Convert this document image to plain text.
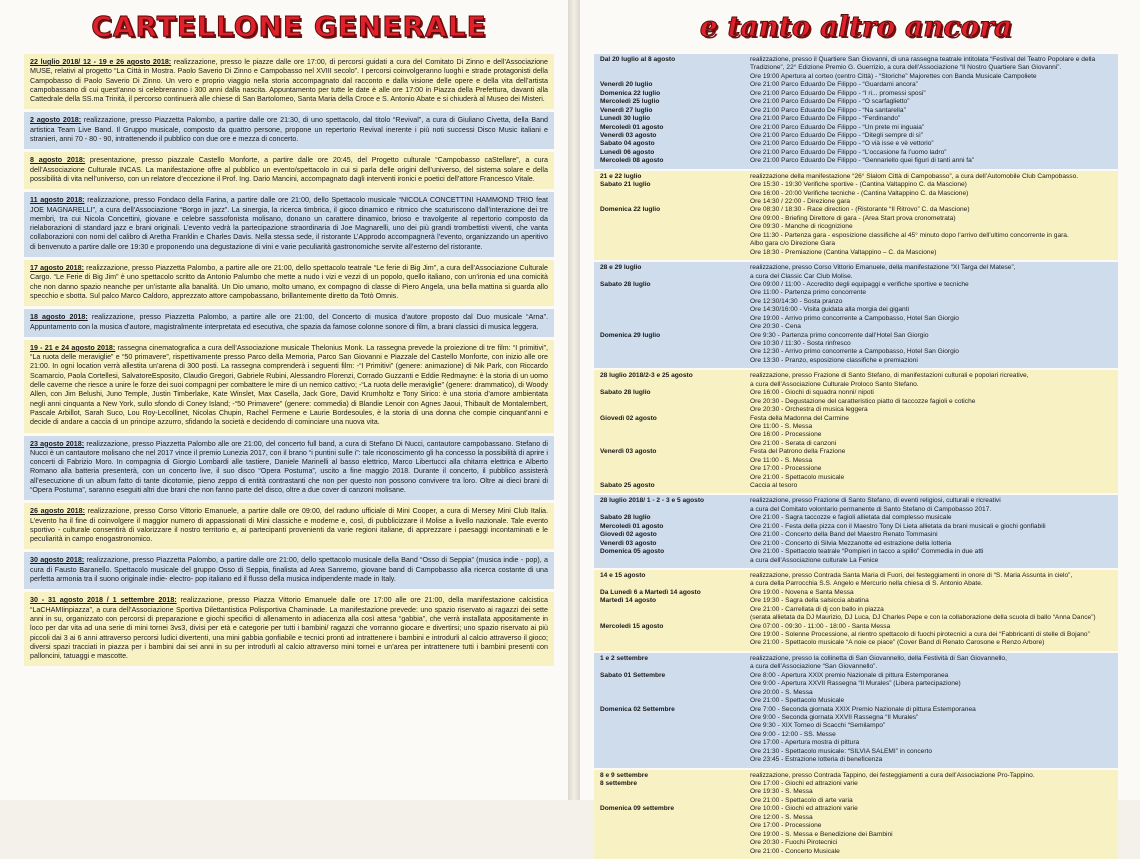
CARTELLONE GENERALE
22 luglio 2018/ 12 - 19 e 26 agosto 2018: realizzazione, presso le piazze dalle ore 17:00, di percorsi guidati a cura del Comitato Di Zinno e dell’Associazione MUSE, relativi al progetto “La Città in Mostra. Paolo Saverio Di Zinno e Campobasso nel XVIII secolo”. I percorsi coinvolgeranno luoghi e strade protagonisti della Campobasso di Paolo Saverio Di Zinno. Un vero e proprio viaggio nella storia accompagnato dal racconto e dalla visione delle opere e della vita dell’artista campobassano di cui quest’anno si celebreranno i 300 anni dalla nascita. Appuntamento per tutte le date è alle ore 17:00 in Piazza della Prefettura, davanti alla Cattedrale della SS.ma Trinità, il percorso continuerà alle chiese di San Bartolomeo, Santa Maria della Croce e S. Antonio Abate e si chiuderà al Museo dei Misteri.
2 agosto 2018: realizzazione, presso Piazzetta Palombo, a partire dalle ore 21:30, di uno spettacolo, dal titolo “Revival”, a cura di Giuliano Civetta, della Band artistica Team Live Band. Il Gruppo musicale, composto da quattro persone, propone un repertorio Revival inerente i più noti successi Disco Music italiani e stranieri, anni 70 - 80 - 90, intrattenendo il pubblico con due ore e mezza di concerto.
8 agosto 2018: presentazione, presso piazzale Castello Monforte, a partire dalle ore 20:45, del Progetto culturale “Campobasso caStellare”, a cura dell’Associazione Culturale INCAS. La manifestazione offre al pubblico un evento/spettacolo in cui si parla delle origini dell’universo, del sistema solare e della possibilità di vita nell’universo, con un relatore d’eccezione il Prof. Ing. Dario Mancini, accompagnato dagli interventi ironici e poetici dell’attore Francesco Vitale.
11 agosto 2018: realizzazione, presso Fondaco della Farina, a partire dalle ore 21:00, dello Spettacolo musicale “NICOLA CONCETTINI HAMMOND TRIO feat JOE MAGNARELLI”, a cura dell’Associazione “Borgo in jazz”. La sinergia, la ricerca timbrica, il gioco dinamico e ritmico che scaturiscono dall’interazione dei tre membri, tra cui Nicola Concettini, giovane e celebre sassofonista molisano, donano un carattere dinamico, brioso e travolgente al repertorio composto da rielaborazioni di standard jazz e brani originali. L’evento vedrà la partecipazione straordinaria di Joe Magnarelli, uno dei più grandi trombettisti viventi, che vanta collaborazioni con nomi del calibro di Aretha Franklin e Charles Davis. Nella stessa sede, il ristorante L’Approdo accompagnerà l’evento, organizzando un aperitivo di benvenuto a partire dalle ore 19:30 e proponendo una degustazione di vini e varie peculiarità gastronomiche servite all’esterno del ristorante.
17 agosto 2018: realizzazione, presso Piazzetta Palombo, a partire alle ore 21:00, dello spettacolo teatrale “Le ferie di Big Jim”, a cura dell’Associazione Culturale Cargo. “Le Ferie di Big Jim” è uno spettacolo scritto da Antonio Palumbo che mette a nudo i vizi e vezzi di un popolo, quello italiano, con un’ironia ed una comicità che non danno spazio neanche per un’istante alla banalità. Un Dio umano, molto umano, ex compagno di classe di Piero Angela, una bella mattina si guarda allo specchio e sbotta. Sul palco Marco Caldoro, apprezzato attore campobassano, brillantemente diretto da Totò Omnis.
18 agosto 2018: realizzazione, presso Piazzetta Palombo, a partire alle ore 21:00, del Concerto di musica d’autore proposto dal Duo musicale “Arna”. Appuntamento con la musica d’autore, magistralmente interpretata ed esecutiva, che spazia da famose colonne sonore di film, a brani classici di musica leggera.
19 - 21 e 24 agosto 2018: rassegna cinematografica a cura dell’Associazione musicale Thelonius Monk. La rassegna prevede la proiezione di tre film: “I primitivi”, “La ruota delle meraviglie” e “50 primavere”, rispettivamente presso Parco della Memoria, Parco San Giovanni e Piazzale del Castello Monforte, con inizio alle ore 21:00. In ogni location verrà allestita un’arena di 300 posti. La rassegna comprenderà i seguenti film: -“I Primitivi” (genere: animazione) di Nik Park, con Riccardo Scamarcio, Paola Cortellesi, SalvatoreEsposito, Claudio Gregori, Gabriele Rubini, Alessandro Florenzi, Corrado Guzzanti e Eddie Redmayne: è la storia di un uomo delle caverne che riesce a unire le forze dei suoi compagni per combattere le mire di un nemico cattivo; -“La ruota delle meraviglie” (genere: drammatico), di Woody Allen, con Jim Belushi, Juno Temple, Justin Timberlake, Kate Winslet, Max Casella, Jack Gore, David Krumholtz e Tony Sirico: è una storia d’amore ambientata negli anni cinquanta a New York, sullo sfondo di Coney Island; -“50 Primavere” (genere: commedia) di Blandie Lenoir con Agnes Jaoui, Thibault de Montalembert, Pascale Arbillot, Sarah Suco, Lou Roy-Lecollinet, Nicolas Chupin, Rachel Fermene e Laurie Bordesoules, è la storia di una donna che compie cinquant’anni e decide di andare a caccia di un principe azzurro, sfidando la società e decidendo di cominciare una nuova vita.
23 agosto 2018: realizzazione, presso Piazzetta Palombo alle ore 21:00, del concerto full band, a cura di Stefano Di Nucci, cantautore campobassano. Stefano di Nucci è un cantautore molisano che nel 2017 vince il premio Lunezia 2017, con il brano “i puntini sulle i”: tale riconoscimento gli ha concesso la possibilità di aprire i concerti di Fabrizio Moro. In compagnia di Giorgio Lombardi alle tastiere, Daniele Marinelli al basso elettrico, Marco Libertucci alla chitarra elettrica e Alberto Romano alla batteria presenterà, con un concerto live, il suo disco “Opera Postuma”, uscito a fine maggio 2018. Durante il concerto, il pubblico assisterà all’esecuzione di un album fatto di tante dicotomie, pieno zeppo di entità contrastanti che non per questo non possono convivere tra loro. Oltre ai dieci brani di “Opera Postuma”, saranno eseguiti altri due brani che non fanno parte del disco, oltre a due cover di canzoni molisane.
26 agosto 2018: realizzazione, presso Corso Vittorio Emanuele, a partire dalle ore 09:00, del raduno ufficiale di Mini Cooper, a cura di Mersey Mini Club Italia. L’evento ha il fine di coinvolgere il maggior numero di appassionati di Mini classiche e moderne e, così, di pubblicizzare il Molise a livello nazionale. Tale evento sportivo - culturale consentirà di valorizzare il nostro territorio e, ai partecipanti provenienti da varie regioni italiane, di apprezzare i paesaggi incontaminati e le peculiarità in campo enogastronomico.
30 agosto 2018: realizzazione, presso Piazzetta Palombo, a partire dalle ore 21:00, dello spettacolo musicale della Band “Osso di Seppia” (musica indie - pop), a cura di Fausto Baranello. Spettacolo musicale del gruppo Osso di Seppia, finalista ad Area Sanremo, giovane band di Campobasso alla ricerca costante di una perfetta armonia tra il suono originale indie- electro- pop italiano ed il flusso della musica indipendente made in Italy.
30 - 31 agosto 2018 / 1 settembre 2018: realizzazione, presso Piazza Vittorio Emanuele dalle ore 17:00 alle ore 21:00, della manifestazione calcistica “LaCHAMIinpiazza”, a cura dell’Associazione Sportiva Dilettantistica Polisportiva Chaminade. La manifestazione prevede: uno spazio riservato ai ragazzi dei sette anni in su, organizzato con percorsi di preparazione e giochi specifici di allenamento in adiacenza alla così attesa “gabbia”, che verrà installata appositamente in loco per dar vita ad una serie di mini tornei 3vs3, divisi per età e categorie per tutti i bambini/ ragazzi che vorranno giocare e divertirsi; uno spazio riservato ai più piccoli dai 3 ai 6 anni attraverso percorsi ludici divertenti, una mini gabbia gonfiabile e tecnici pronti ad intrattenere i bambini e introdurli al calcio attraverso il gioco; diversi spazi tracciati in piazza per i bambini dai sei anni in su per introdurli al calcio attraverso mini tornei e un’area per intrattenere tutti i bambini presenti con palloncini, tatuaggi e mascotte.
e tanto altro ancora
Dal 20 luglio al 8 agosto	realizzazione, presso il Quartiere San Giovanni, di una rassegna teatrale intitolata “Festival del Teatro Popolare e della
Tradizione”, 22° Edizione Premio G. Guerrizio, a cura dell’Associazione “Il Nostro Quartiere San Giovanni”.
Ore 19:00 Apertura al corteo (centro Città) - “Storiche” Majorettes con Banda Musicale Campoliete
Venerdì 20 luglio	Ore 21:00 Parco Eduardo De Filippo - “Guardami ancora”
Domenica 22 luglio	Ore 21:00 Parco Eduardo De Filippo - “I ri... promessi sposi”
Mercoledì 25 luglio	Ore 21:00 Parco Eduardo De Filippo - “O scarfaglietto”
Venerdì 27 luglio	Ore 21:00 Parco Eduardo De Filippo - “Na santarella”
Lunedì 30 luglio	Ore 21:00 Parco Eduardo De Filippo - “Ferdinando”
Mercoledì 01 agosto	Ore 21:00 Parco Eduardo De Filippo - “Un prete mi inguaia”
Venerdì 03 agosto	Ore 21:00 Parco Eduardo De Filippo - “Ditegli sempre di sì”
Sabato 04 agosto	Ore 21:00 Parco Eduardo De Filippo - “O vià isse e vè vettorio”
Lunedì 06 agosto	Ore 21:00 Parco Eduardo De Filippo - “L’occasione fa l’uomo ladro”
Mercoledì 08 agosto	Ore 21:00 Parco Eduardo De Filippo - “Gennariello quei figuri di tanti anni fa”
21 e 22 luglio	realizzazione della manifestazione “26° Slalom Città di Campobasso”, a cura dell’Automobile Club Campobasso.
Sabato 21 luglio	Ore 15:30 - 19:30 Verifiche sportive - (Cantina Valtappino C. da Mascione)
Ore 16:00 - 20:00 Verifiche tecniche - (Cantina Valtappino C. da Mascione)
Ore 14:30 / 22:00 - Direzione gara
Domenica 22 luglio	Ore 08:30 / 18:30 - Race direction - (Ristorante “Il Ritrovo” C. da Mascione)
Ore 09:00 - Briefing Direttore di gara - (Area Start prova cronometrata)
Ore 09:30 - Manche di ricognizione
Ore 11:30 - Partenza gara - esposizione classifiche al 45° minuto dopo l’arrivo dell’ultimo concorrente in gara.
Albo gara c/o Direzione Gara
Ore 18:30 - Premiazione (Cantina Valtappino – C. da Mascione)
28 e 29 luglio	realizzazione, presso Corso Vittorio Emanuele, della manifestazione “XI Targa del Matese”,
a cura del Classic Car Club Molise.
Sabato 28 luglio	Ore 09:00 / 11:00 - Accredito degli equipaggi e verifiche sportive e tecniche
Ore 11:00 - Partenza primo concorrente
Ore 12:30/14:30 - Sosta pranzo
Ore 14:30/16:00 - Visita guidata alla morgia dei giganti
Ore 19:00 - Arrivo primo concorrente a Campobasso, Hotel San Giorgio
Ore 20:30 - Cena
Domenica 29 luglio	Ore 9:30 - Partenza primo concorrente dall’Hotel San Giorgio
Ore 10:30 / 11:30 - Sosta rinfresco
Ore 12:30 - Arrivo primo concorrente a Campobasso, Hotel San Giorgio
Ore 13:30 - Pranzo, esposizione classifiche e premiazioni
28 luglio 2018/2-3 e 25 agosto	realizzazione, presso Frazione di Santo Stefano, di manifestazioni culturali e popolari ricreative,
a cura dell’Associazione Culturale Proloco Santo Stefano.
Sabato 28 luglio	Ore 16:00 - Giochi di squadra nonni/ nipoti
Ore 20:30 - Degustazione del caratteristico piatto di taccozze fagioli e cotiche
Ore 20:30 - Orchestra di musica leggera
Giovedì 02 agosto	Festa della Madonna del Carmine
Ore 11:00 - S. Messa
Ore 16:00 - Processione
Ore 21:00 - Serata di canzoni
Venerdì 03 agosto	Festa del Patrono della Frazione
Ore 11:00 - S. Messa
Ore 17:00 - Processione
Ore 21:00 - Spettacolo musicale
Sabato 25 agosto	Caccia al tesoro
28 luglio 2018/ 1 - 2 - 3 e 5 agosto	realizzazione, presso Frazione di Santo Stefano, di eventi religiosi, culturali e ricreativi
a cura del Comitato volontario permanente di Santo Stefano di Campobasso 2017.
Sabato 28 luglio	Ore 21:00 - Sagra taccozze e fagioli allietata dal complesso musicale
Mercoledì 01 agosto	Ore 21:00 - Festa della pizza con il Maestro Tony Di Lieta allietata da brani musicali e giochi gonfiabili
Giovedì 02 agosto	Ore 21:00 - Concerto della Band del Maestro Renato Tommasini
Venerdì 03 agosto	Ore 21:00 - Concerto di Silvia Mezzanotte ed estrazione della lotteria
Domenica 05 agosto	Ore 21:00 - Spettacolo teatrale “Pompieri in tacco a spillo” Commedia in due atti
a cura dell’Associazione culturale La Fenice
14 e 15 agosto	realizzazione, presso Contrada Santa Maria di Fuori, dei festeggiamenti in onore di “S. Maria Assunta in cielo”,
a cura della Parrocchia S.S. Angelo e Mercurio nella chiesa di S. Antonio Abate.
Da Lunedì 6 a Martedì 14 agosto	Ore 19:00 - Novena e Santa Messa
Martedì 14 agosto	Ore 19:30 - Sagra della salsiccia abatina
Ore 21:00 - Carrellata di dj con ballo in piazza
(serata allietata da DJ Maurizio, DJ Luca, DJ Charles Pepe e con la collaborazione della scuola di ballo “Anna Dance”)
Mercoledì 15 agosto	Ore 07:00 - 09:30 - 11:00 - 18:00 - Santa Messa
Ore 19:00 - Solenne Processione, al rientro spettacolo di fuochi pirotecnici a cura dei “Fabbricanti di stelle di Bojano”
Ore 21:00 - Spettacolo musicale “A noie ce piace” (Cover Band di Renato Carosone e Renzo Arbore)
1 e 2 settembre	realizzazione, presso la collinetta di San Giovannello, della Festività di San Giovannello,
a cura dell’Associazione “San Giovannello”.
Sabato 01 Settembre	Ore 8:00 - Apertura XXIX premio Nazionale di pittura Estemporanea
Ore 9:00 - Apertura XXVII Rassegna “Il Murales” (Libera partecipazione)
Ore 20:00 - S. Messa
Ore 21:00 - Spettacolo Musicale
Domenica 02 Settembre	Ore 7:00 - Seconda giornata XXIX Premio Nazionale di pittura Estemporanea
Ore 9:00 - Seconda giornata XXVII Rassegna “Il Murales”
Ore 9:30 - XIX Torneo di Scacchi “Semilampo”
Ore 9:00 - 12:00 - SS. Messe
Ore 17:00 - Apertura mostra di pittura
Ore 21:30 - Spettacolo musicale: “SILVIA SALEMI” in concerto
Ore 23:45 - Estrazione lotteria di beneficenza
8 e 9 settembre	realizzazione, presso Contrada Tappino, dei festeggiamenti a cura dell’Associazione Pro-Tappino.
8 settembre	Ore 17:00 - Giochi ed attrazioni varie
Ore 19:30 - S. Messa
Ore 21:00 - Spettacolo di arte varia
Domenica 09 settembre	Ore 10:00 - Giochi ed attrazioni varie
Ore 12:00 - S. Messa
Ore 17:00 - Processione
Ore 19:00 - S. Messa e Benedizione dei Bambini
Ore 20:30 - Fuochi Pirotecnici
Ore 21:00 - Concerto Musicale
